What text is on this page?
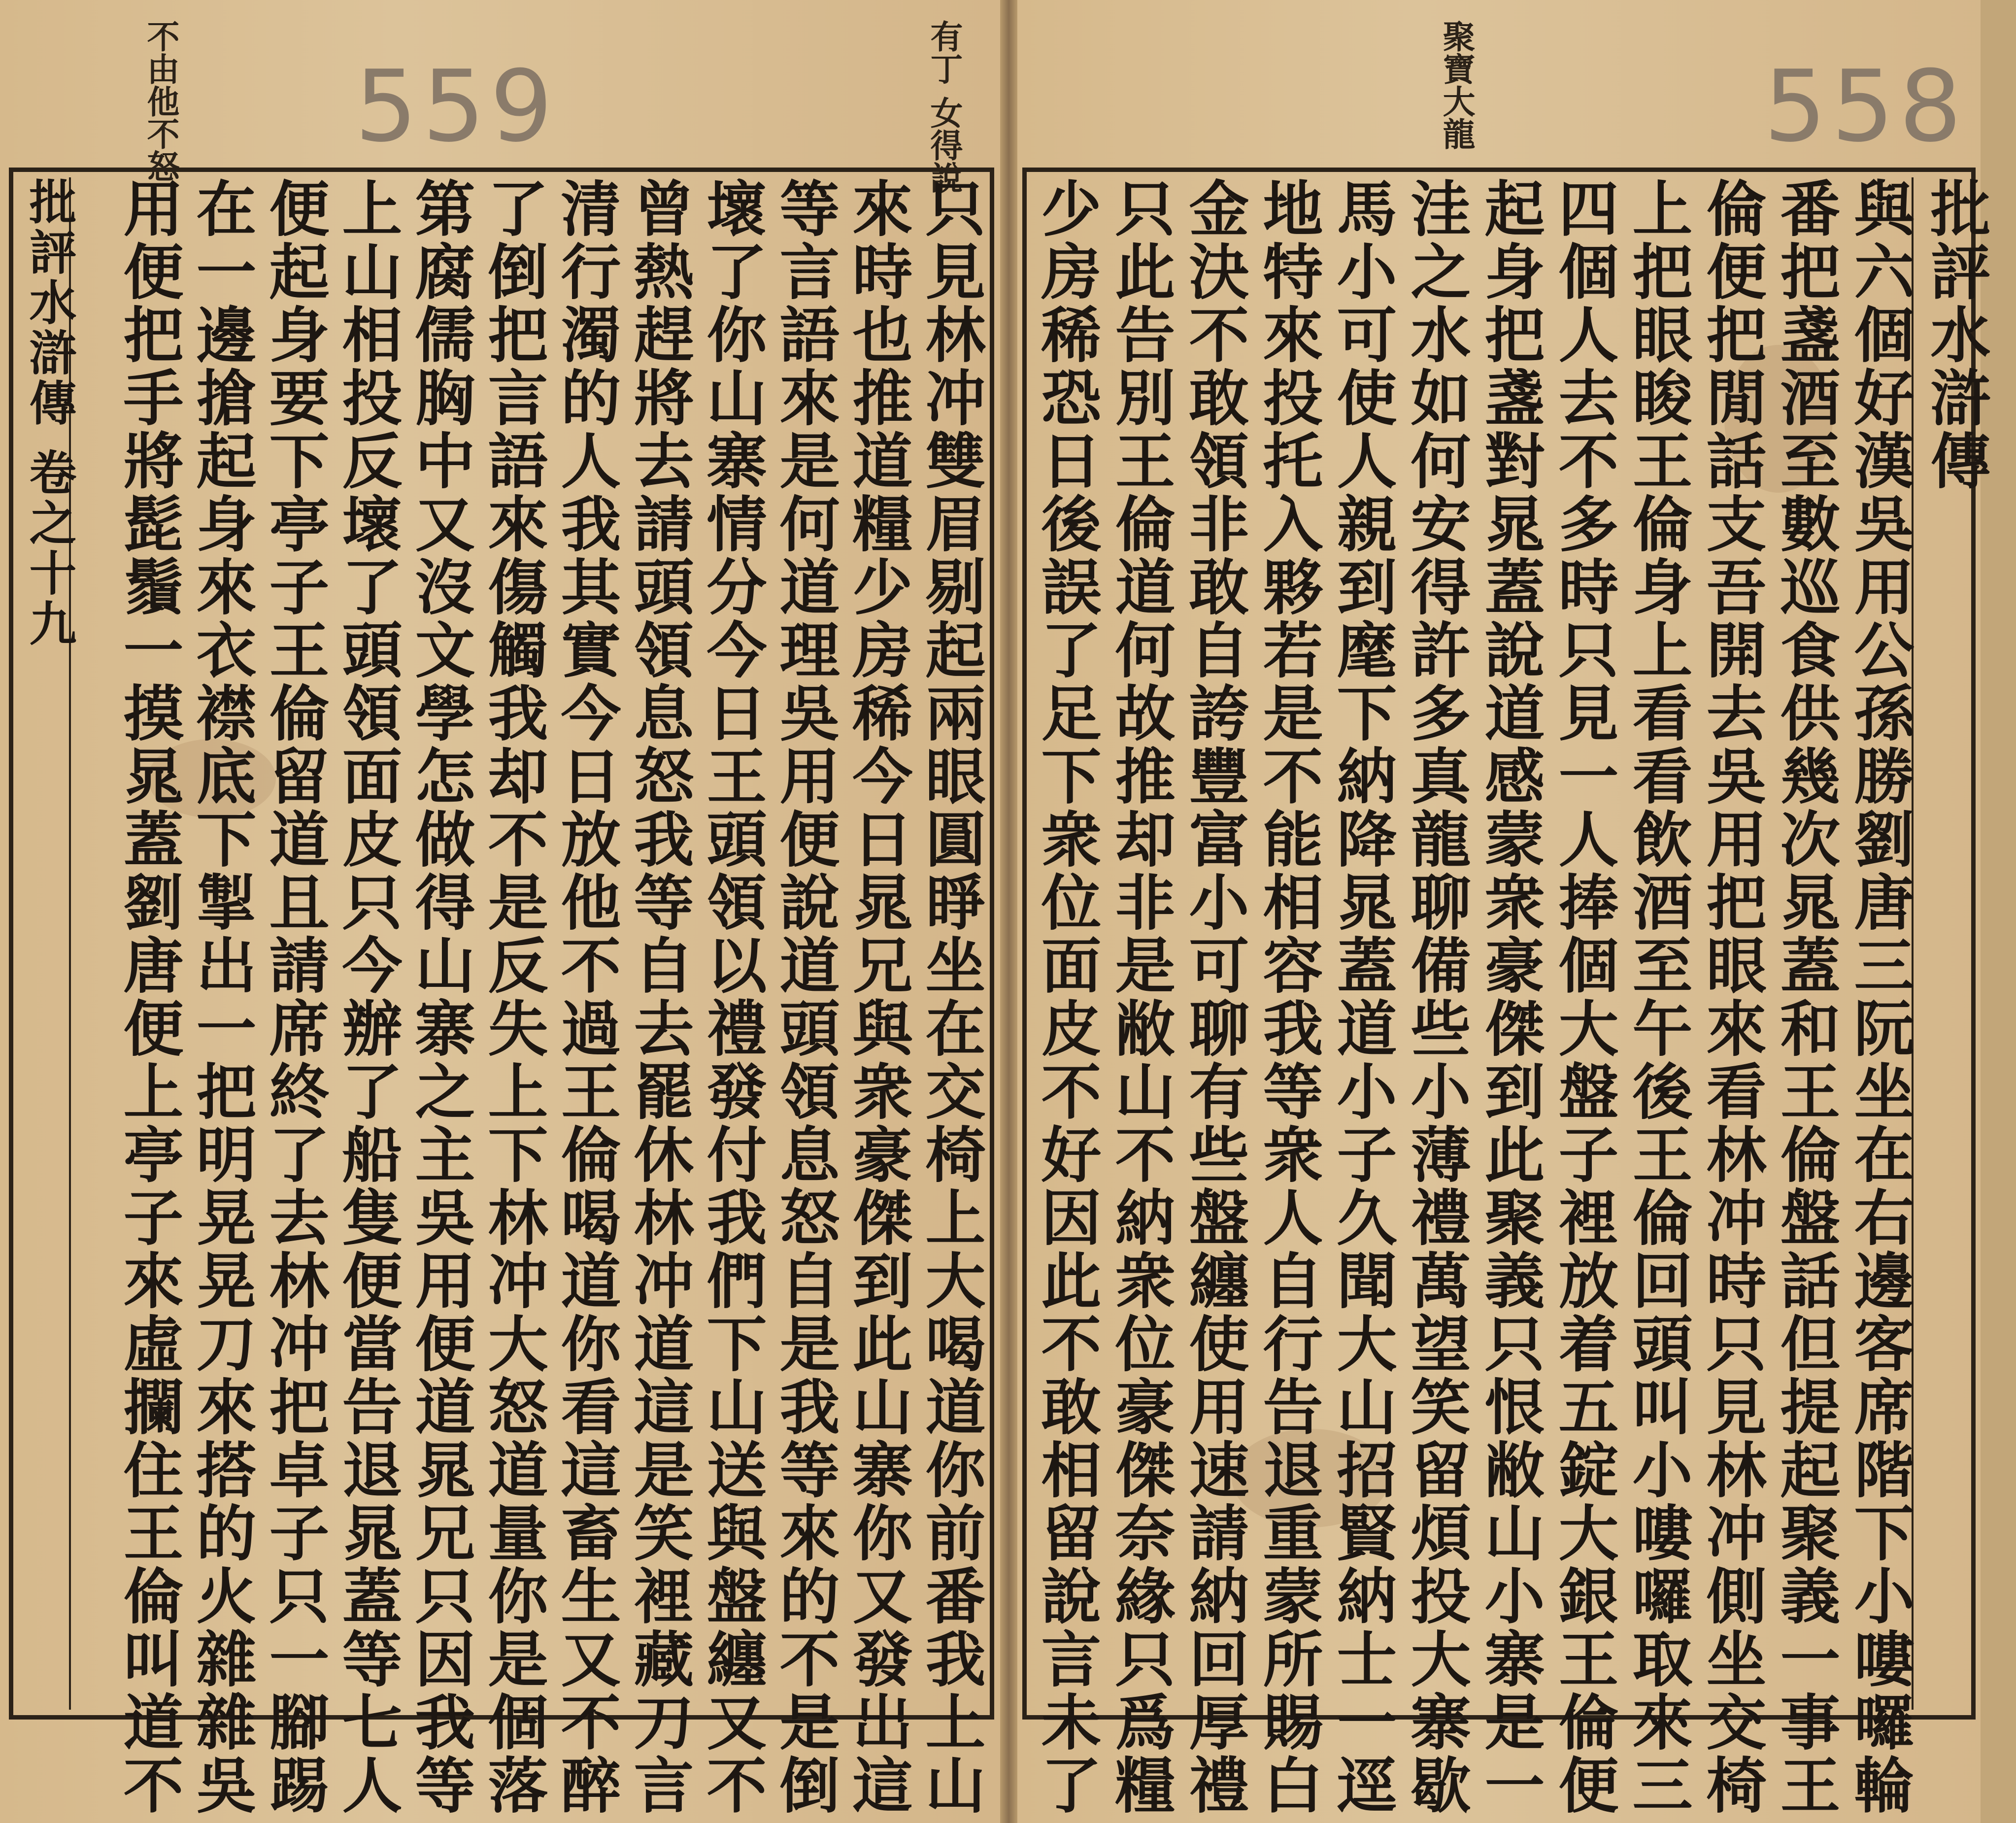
559	558
不由他不怒	有丁 女得說	聚寶大龍
批評水滸傳
與六個好漢吳用公孫勝劉唐三阮坐在右邊客席階下小嘍囉輪
番把盞酒至數巡食供幾次晁蓋和王倫盤話但提起聚義一事王
倫便把閒話支吾開去吳用把眼來看林冲時只見林冲側坐交椅
上把眼睃王倫身上看看飲酒至午後王倫回頭叫小嘍囉取來三
四個人去不多時只見一人捧個大盤子裡放着五錠大銀王倫便
起身把盞對晁蓋說道感蒙衆豪傑到此聚義只恨敝山小寨是一
洼之水如何安得許多真龍聊備些小薄禮萬望笑留煩投大寨歇
馬小可使人親到麾下納降晁蓋道小子久聞大山招賢納士一逕
地特來投托入夥若是不能相容我等衆人自行告退重蒙所賜白
金決不敢領非敢自誇豐富小可聊有些盤纏使用速請納回厚禮
只此告別王倫道何故推却非是敝山不納衆位豪傑奈緣只爲糧
少房稀恐日後誤了足下衆位面皮不好因此不敢相留說言未了
只見林冲雙眉剔起兩眼圓睜坐在交椅上大喝道你前番我上山
來時也推道糧少房稀今日晁兄與衆豪傑到此山寨你又發出這
等言語來是何道理吳用便說道頭領息怒自是我等來的不是倒
壞了你山寨情分今日王頭領以禮發付我們下山送與盤纏又不
曾熱趕將去請頭領息怒我等自去罷休林冲道這是笑裡藏刀言
清行濁的人我其實今日放他不過王倫喝道你看這畜生又不醉
了倒把言語來傷觸我却不是反失上下林冲大怒道量你是個落
第腐儒胸中又沒文學怎做得山寨之主吳用便道晁兄只因我等
上山相投反壞了頭領面皮只今辦了船隻便當告退晁蓋等七人
便起身要下亭子王倫留道且請席終了去林冲把卓子只一腳踢
在一邊搶起身來衣襟底下掣出一把明晃晃刀來搭的火雜雜吳
用便把手將髭鬚一摸晁蓋劉唐便上亭子來虛攔住王倫叫道不
批評水滸傳 卷之十九
